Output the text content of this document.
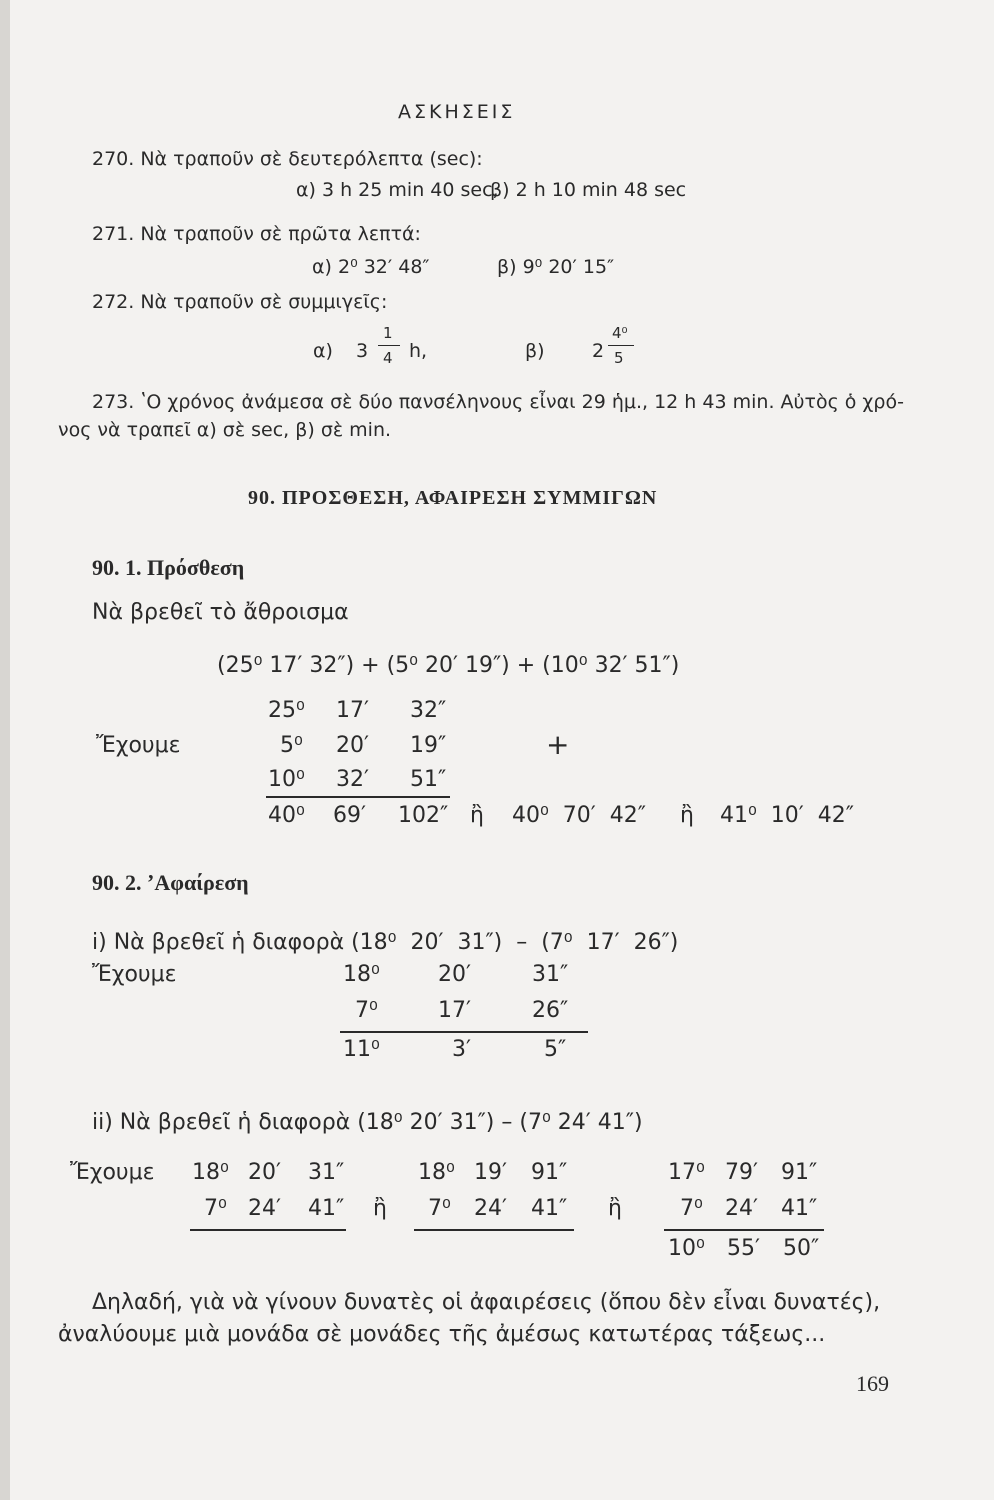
ΑΣΚΗΣΕΙΣ
270. Νὰ τραποῦν σὲ δευτερόλεπτα (sec):
α) 3 h 25 min 40 sec,
β) 2 h 10 min 48 sec
271. Νὰ τραποῦν σὲ πρῶτα λεπτά:
α) 2⁰ 32′ 48″	β) 9⁰ 20′ 15″
272. Νὰ τραποῦν σὲ συμμιγεῖς:
α) 3
1
4 h,	β) 2
4⁰
5
273. ʽΟ χρόνος ἀνάμεσα σὲ δύο πανσέληνους εἶναι 29 ἡμ., 12 h 43 min. Αὐτὸς ὁ χρό-
νος νὰ τραπεῖ α) σὲ sec, β) σὲ min.
90. ΠΡΟΣΘΕΣΗ, ΑΦΑΙΡΕΣΗ ΣΥΜΜΙΓΩΝ
90. 1. Πρόσθεση
Νὰ βρεθεῖ τὸ ἄθροισμα
(25⁰ 17′ 32″) + (5⁰ 20′ 19″) + (10⁰ 32′ 51″)
Ἔχουμε
25⁰ 17′ 32″
5⁰ 20′ 19″	+
10⁰ 32′ 51″
40⁰ 69′ 102″ ἢ 40⁰  70′  42″ ἢ 41⁰  10′  42″
90. 2. ʼΑφαίρεση
i) Νὰ βρεθεῖ ἡ διαφορὰ (18⁰  20′  31″)  –  (7⁰  17′  26″)
Ἔχουμε	18⁰	20′	31″
7⁰	17′	26″
11⁰	3′	5″
ii) Νὰ βρεθεῖ ἡ διαφορὰ (18⁰ 20′ 31″) – (7⁰ 24′ 41″)
Ἔχουμε 18⁰ 20′ 31″
7⁰ 24′ 41″ ἢ
18⁰ 19′ 91″
7⁰ 24′ 41″ ἢ
17⁰ 79′ 91″
7⁰ 24′ 41″
10⁰ 55′ 50″
Δηλαδή, γιὰ νὰ γίνουν δυνατὲς οἱ ἀφαιρέσεις (ὅπου δὲν εἶναι δυνατές),
ἀναλύουμε μιὰ μονάδα σὲ μονάδες τῆς ἀμέσως κατωτέρας τάξεως...
169
